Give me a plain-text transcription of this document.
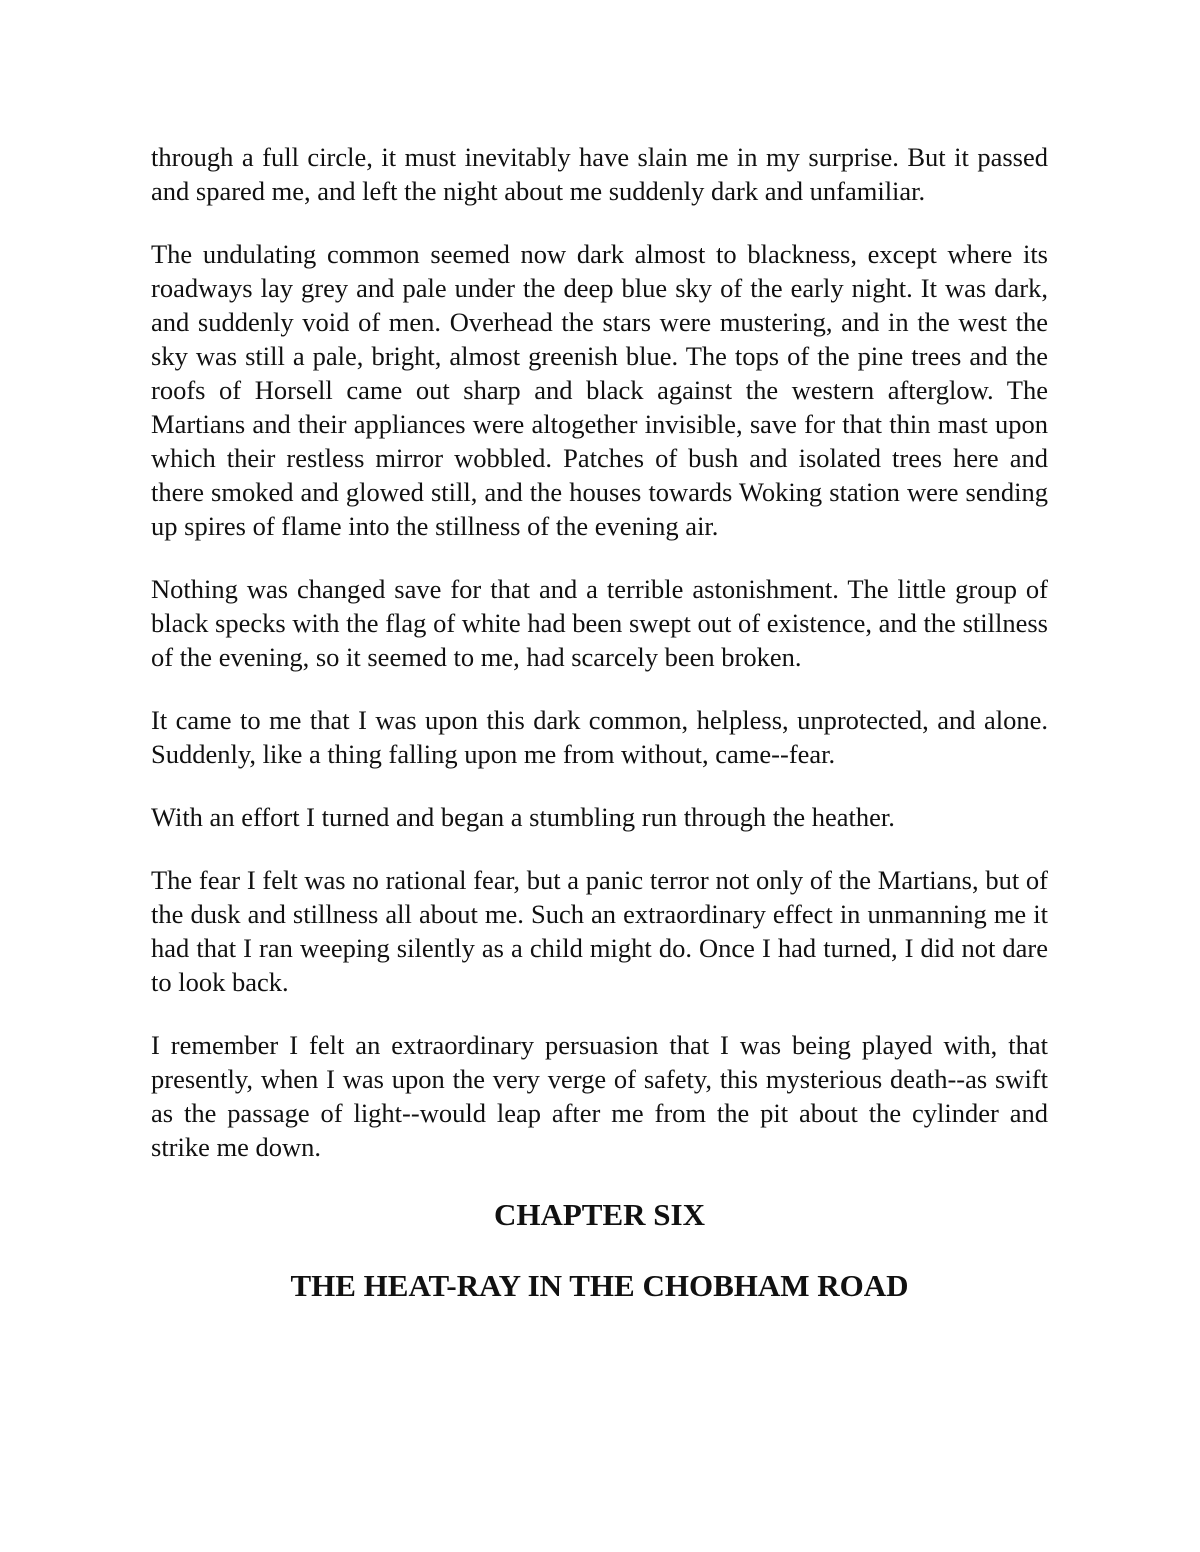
through a full circle, it must inevitably have slain me in my surprise. But it passed and spared me, and left the night about me suddenly dark and unfamiliar.

The undulating common seemed now dark almost to blackness, except where its roadways lay grey and pale under the deep blue sky of the early night. It was dark, and suddenly void of men. Overhead the stars were mustering, and in the west the sky was still a pale, bright, almost greenish blue. The tops of the pine trees and the roofs of Horsell came out sharp and black against the western afterglow. The Martians and their appliances were altogether invisible, save for that thin mast upon which their restless mirror wobbled. Patches of bush and isolated trees here and there smoked and glowed still, and the houses towards Woking station were sending up spires of flame into the stillness of the evening air.

Nothing was changed save for that and a terrible astonishment. The little group of black specks with the flag of white had been swept out of existence, and the stillness of the evening, so it seemed to me, had scarcely been broken.

It came to me that I was upon this dark common, helpless, unprotected, and alone. Suddenly, like a thing falling upon me from without, came--fear.

With an effort I turned and began a stumbling run through the heather.

The fear I felt was no rational fear, but a panic terror not only of the Martians, but of the dusk and stillness all about me. Such an extraordinary effect in unmanning me it had that I ran weeping silently as a child might do. Once I had turned, I did not dare to look back.

I remember I felt an extraordinary persuasion that I was being played with, that presently, when I was upon the very verge of safety, this mysterious death--as swift as the passage of light--would leap after me from the pit about the cylinder and strike me down.

CHAPTER SIX
THE HEAT-RAY IN THE CHOBHAM ROAD
